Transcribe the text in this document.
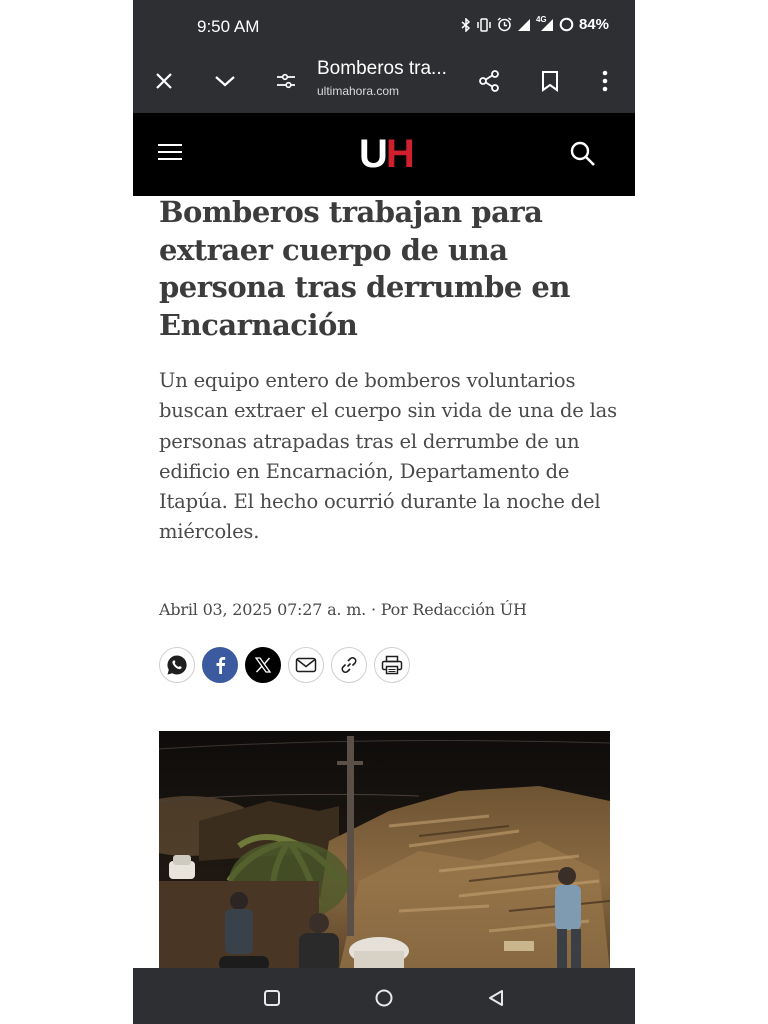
9:50 AM	4G 84%
Bomberos tra...
ultimahora.com
UH
Bomberos trabajan para extraer cuerpo de una persona tras derrumbe en Encarnación

Un equipo entero de bomberos voluntarios buscan extraer el cuerpo sin vida de una de las personas atrapadas tras el derrumbe de un edificio en Encarnación, Departamento de Itapúa. El hecho ocurrió durante la noche del miércoles.

Abril 03, 2025 07:27 a. m. · Por Redacción ÚH
